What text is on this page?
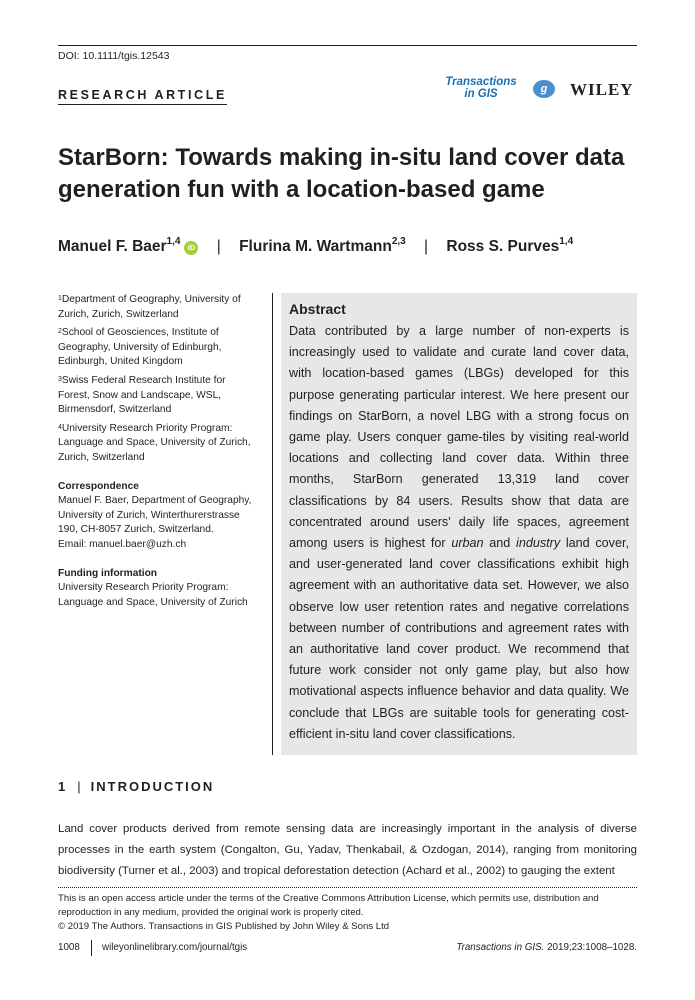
DOI: 10.1111/tgis.12543
RESEARCH ARTICLE
Transactions
in GIS	g	WILEY
StarBorn: Towards making in-situ land cover data generation fun with a location-based game
Manuel F. Baer$^{1,4}$iD | Flurina M. Wartmann$^{2,3}$ | Ross S. Purves$^{1,4}$
$^1$Department of Geography, University of Zurich, Zurich, Switzerland
$^2$School of Geosciences, Institute of Geography, University of Edinburgh, Edinburgh, United Kingdom
$^3$Swiss Federal Research Institute for Forest, Snow and Landscape, WSL, Birmensdorf, Switzerland
$^4$University Research Priority Program: Language and Space, University of Zurich, Zurich, Switzerland
Correspondence
Manuel F. Baer, Department of Geography,
University of Zurich, Winterthurerstrasse
190, CH-8057 Zurich, Switzerland.
Email: manuel.baer@uzh.ch
Funding information
University Research Priority Program:
Language and Space, University of Zurich
Abstract

Data contributed by a large number of non-experts is increasingly used to validate and curate land cover data, with location-based games (LBGs) developed for this purpose generating particular interest. We here present our findings on StarBorn, a novel LBG with a strong focus on game play. Users conquer game-tiles by visiting real-world locations and collecting land cover data. Within three months, StarBorn generated 13,319 land cover classifications by 84 users. Results show that data are concentrated around users' daily life spaces, agreement among users is highest for urban and industry land cover, and user-generated land cover classifications exhibit high agreement with an authoritative data set. However, we also observe low user retention rates and negative correlations between number of contributions and agreement rates with an authoritative land cover product. We recommend that future work consider not only game play, but also how motivational aspects influence behavior and data quality. We conclude that LBGs are suitable tools for generating cost-efficient in-situ land cover classifications.

1 | INTRODUCTION

Land cover products derived from remote sensing data are increasingly important in the analysis of diverse processes in the earth system (Congalton, Gu, Yadav, Thenkabail, & Ozdogan, 2014), ranging from monitoring biodiversity (Turner et al., 2003) and tropical deforestation detection (Achard et al., 2002) to gauging the extent

This is an open access article under the terms of the Creative Commons Attribution License, which permits use, distribution and reproduction in any medium, provided the original work is properly cited.
© 2019 The Authors. Transactions in GIS Published by John Wiley & Sons Ltd
1008 wileyonlinelibrary.com/journal/tgis	Transactions in GIS. 2019;23:1008–1028.
